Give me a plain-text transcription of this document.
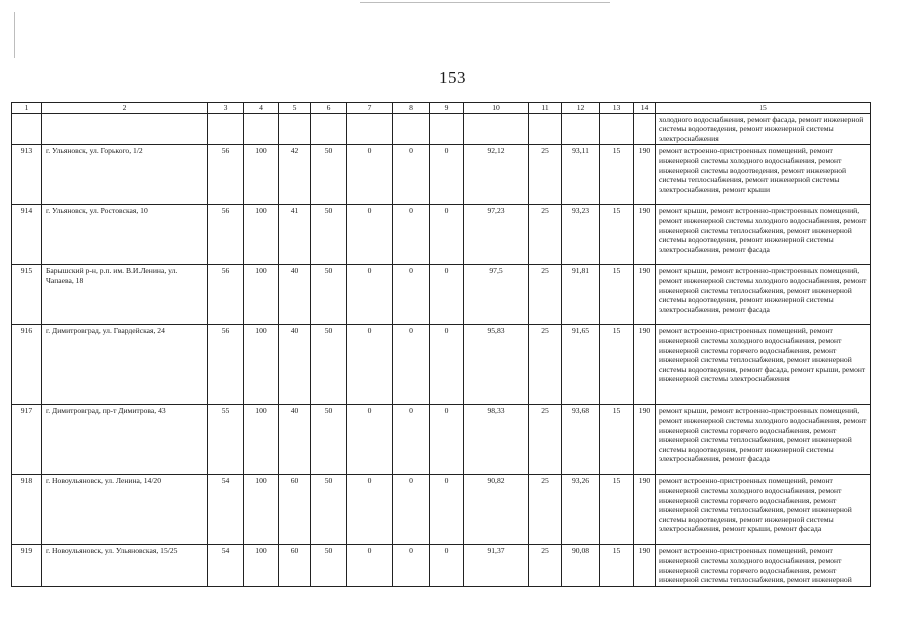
153
1	2	3	4	5	6	7	8	9	10	11	12	13	14	15
														холодного водоснабжения, ремонт фасада, ремонт инженерной системы водоотведения, ремонт инженерной системы электроснабжения
913	г. Ульяновск, ул. Горького, 1/2	56	100	42	50	0	0	0	92,12	25	93,11	15	190	ремонт встроенно-пристроенных помещений, ремонт инженерной системы холодного водоснабжения, ремонт инженерной системы водоотведения, ремонт инженерной системы теплоснабжения, ремонт инженерной системы электроснабжения, ремонт крыши
914	г. Ульяновск, ул. Ростовская, 10	56	100	41	50	0	0	0	97,23	25	93,23	15	190	ремонт крыши, ремонт встроенно-пристроенных помещений, ремонт инженерной системы холодного водоснабжения, ремонт инженерной системы теплоснабжения, ремонт инженерной системы водоотведения, ремонт инженерной системы электроснабжения, ремонт фасада
915	Барышский р-н, р.п. им. В.И.Ленина, ул. Чапаева, 18	56	100	40	50	0	0	0	97,5	25	91,81	15	190	ремонт крыши, ремонт встроенно-пристроенных помещений, ремонт инженерной системы холодного водоснабжения, ремонт инженерной системы теплоснабжения, ремонт инженерной системы водоотведения, ремонт инженерной системы электроснабжения, ремонт фасада
916	г. Димитровград, ул. Гвардейская, 24	56	100	40	50	0	0	0	95,83	25	91,65	15	190	ремонт встроенно-пристроенных помещений, ремонт инженерной системы холодного водоснабжения, ремонт инженерной системы горячего водоснабжения, ремонт инженерной системы теплоснабжения, ремонт инженерной системы водоотведения, ремонт фасада, ремонт крыши, ремонт инженерной системы электроснабжения
917	г. Димитровград, пр-т Димитрова, 43	55	100	40	50	0	0	0	98,33	25	93,68	15	190	ремонт крыши, ремонт встроенно-пристроенных помещений, ремонт инженерной системы холодного водоснабжения, ремонт инженерной системы горячего водоснабжения, ремонт инженерной системы теплоснабжения, ремонт инженерной системы водоотведения, ремонт инженерной системы электроснабжения, ремонт фасада
918	г. Новоульяновск, ул. Ленина, 14/20	54	100	60	50	0	0	0	90,82	25	93,26	15	190	ремонт встроенно-пристроенных помещений, ремонт инженерной системы холодного водоснабжения, ремонт инженерной системы горячего водоснабжения, ремонт инженерной системы теплоснабжения, ремонт инженерной системы водоотведения, ремонт инженерной системы электроснабжения, ремонт крыши, ремонт фасада
919	г. Новоульяновск, ул. Ульяновская, 15/25	54	100	60	50	0	0	0	91,37	25	90,08	15	190	ремонт встроенно-пристроенных помещений, ремонт инженерной системы холодного водоснабжения, ремонт инженерной системы горячего водоснабжения, ремонт инженерной системы теплоснабжения, ремонт инженерной
